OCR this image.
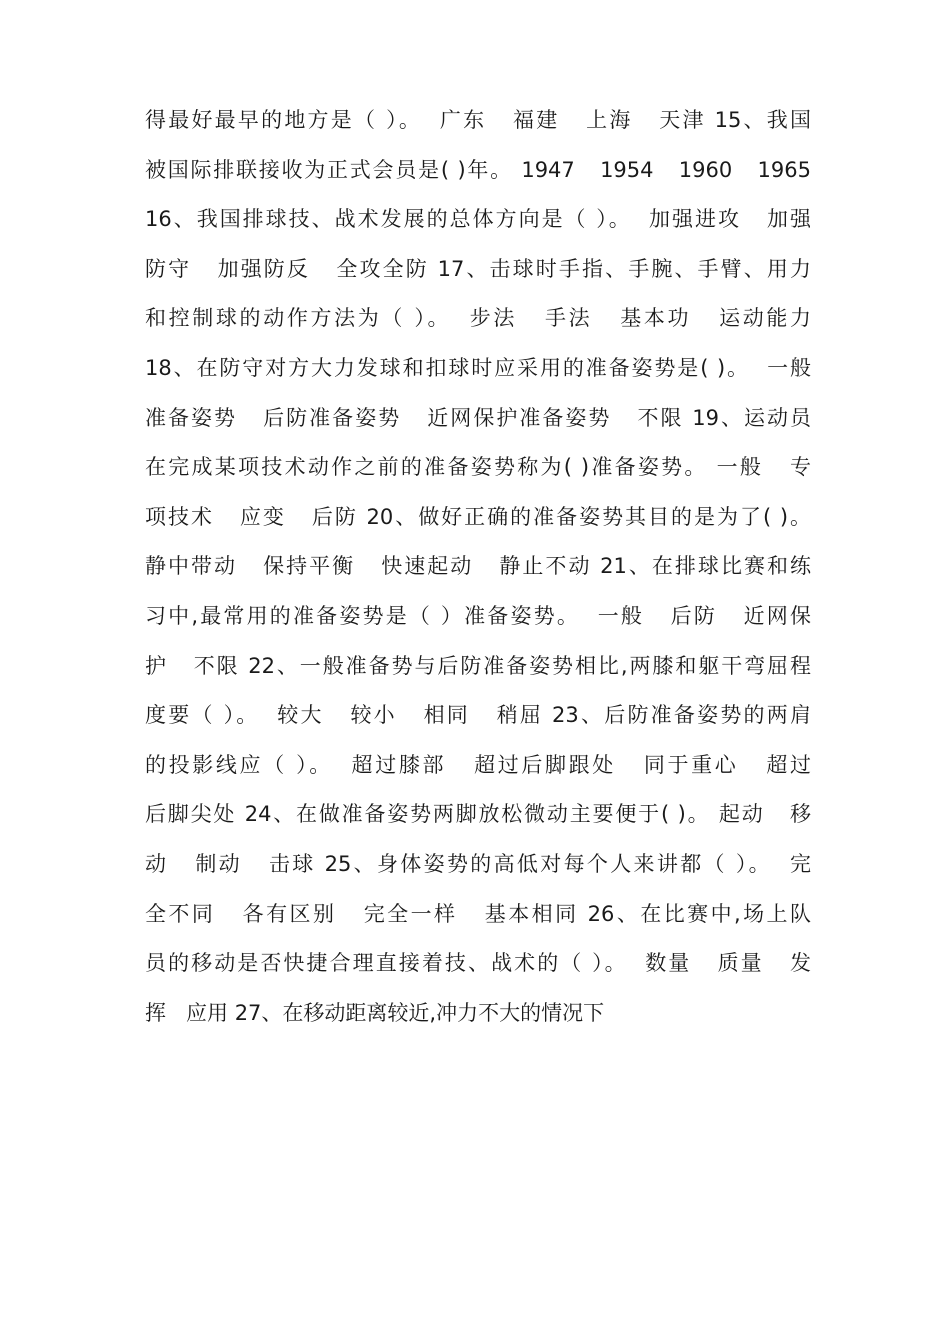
得最好最早的地方是（ ）。  广东   福建   上海   天津 15、我国
被国际排联接收为正式会员是( )年。 1947   1954   1960   1965
16、我国排球技、战术发展的总体方向是（ ）。  加强进攻   加强
防守   加强防反   全攻全防 17、击球时手指、手腕、手臂、用力
和控制球的动作方法为（ ）。  步法   手法   基本功   运动能力
18、在防守对方大力发球和扣球时应采用的准备姿势是( )。  一般
准备姿势   后防准备姿势   近网保护准备姿势   不限 19、运动员
在完成某项技术动作之前的准备姿势称为( )准备姿势。 一般   专
项技术   应变   后防 20、做好正确的准备姿势其目的是为了( )。
静中带动   保持平衡   快速起动   静止不动 21、在排球比赛和练
习中,最常用的准备姿势是（ ）准备姿势。  一般   后防   近网保
护   不限 22、一般准备势与后防准备姿势相比,两膝和躯干弯屈程
度要（ ）。  较大   较小   相同   稍屈 23、后防准备姿势的两肩
的投影线应（ ）。  超过膝部   超过后脚跟处   同于重心   超过
后脚尖处 24、在做准备姿势两脚放松微动主要便于( )。 起动   移
动   制动   击球 25、身体姿势的高低对每个人来讲都（ ）。  完
全不同   各有区别   完全一样   基本相同 26、在比赛中,场上队
员的移动是否快捷合理直接着技、战术的（ ）。  数量   质量   发
挥   应用 27、在移动距离较近,冲力不大的情况下
